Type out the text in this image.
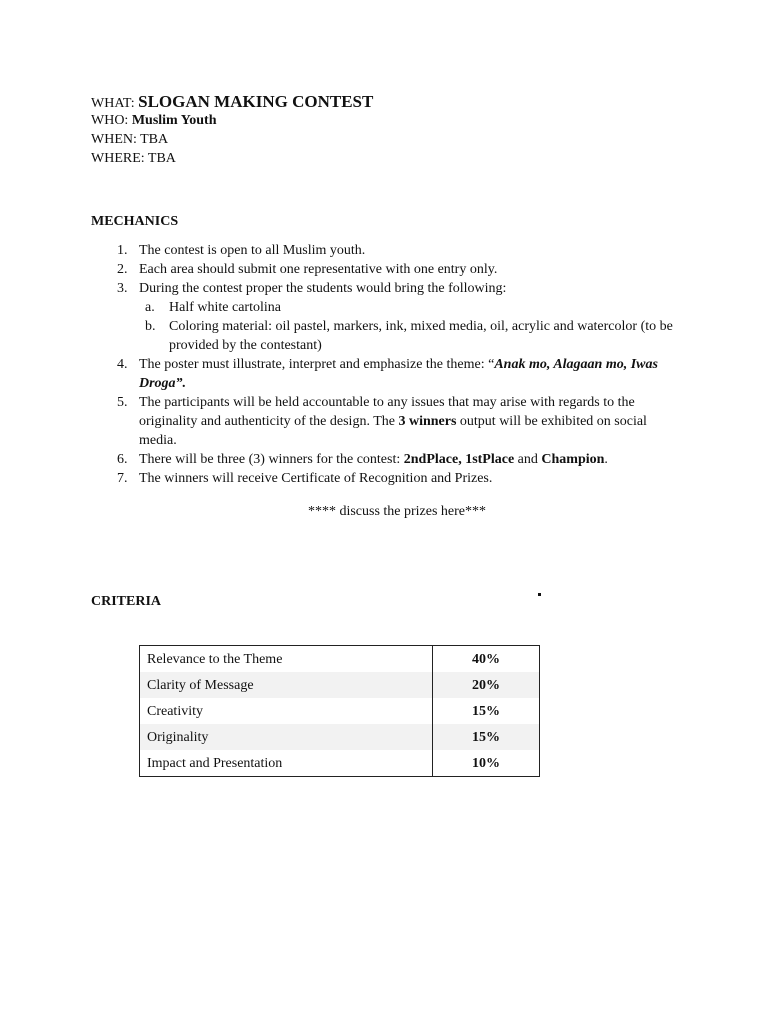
WHAT: SLOGAN MAKING CONTEST
WHO: Muslim Youth
WHEN: TBA
WHERE: TBA
MECHANICS
1. The contest is open to all Muslim youth.
2. Each area should submit one representative with one entry only.
3. During the contest proper the students would bring the following:
a.	Half white cartolina
b. Coloring material: oil pastel, markers, ink, mixed media, oil, acrylic and watercolor (to be provided by the contestant)
4. The poster must illustrate, interpret and emphasize the theme: “Anak mo, Alagaan mo, Iwas Droga”.
5. The participants will be held accountable to any issues that may arise with regards to the originality and authenticity of the design. The 3 winners output will be exhibited on social media.
6. There will be three (3) winners for the contest: 2ndPlace, 1stPlace and Champion.
7. The winners will receive Certificate of Recognition and Prizes.
**** discuss the prizes here***
CRITERIA
Relevance to the Theme	40%
Clarity of Message	20%
Creativity	15%
Originality	15%
Impact and Presentation	10%
